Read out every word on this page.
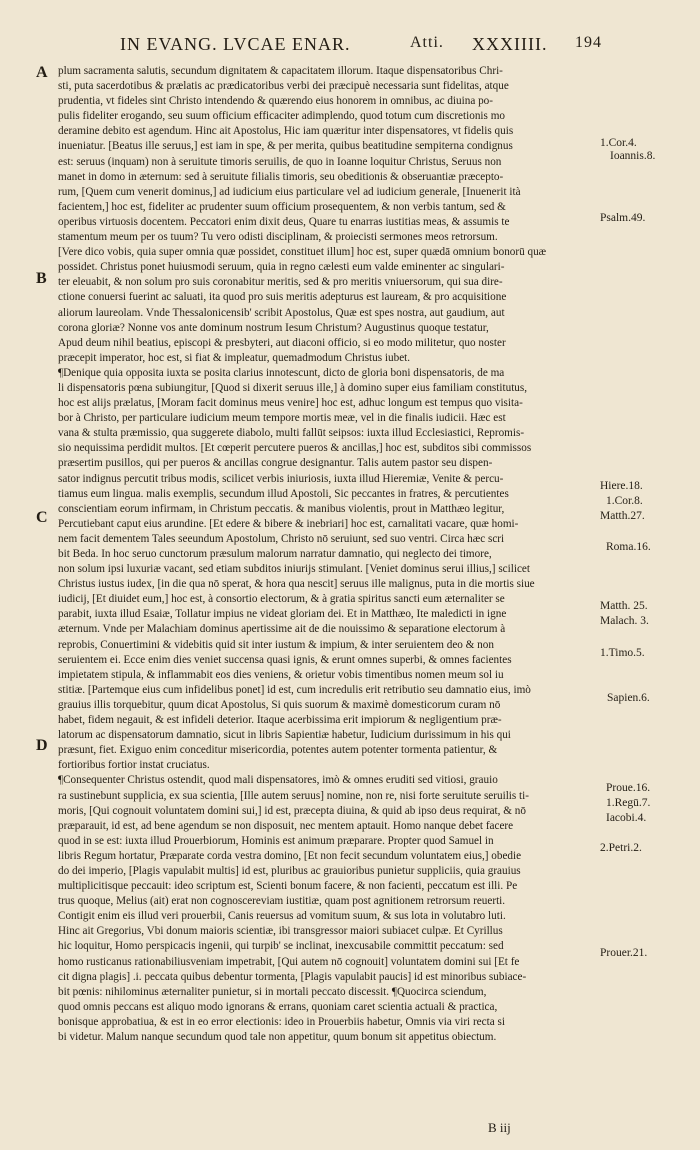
IN EVANG. LVCAE ENAR.	Atti. XXXIIII. 194
A
B
C
D
plum sacramenta salutis, secundum dignitatem & capacitatem illorum. Itaque dispensatoribus Chri-
sti, puta sacerdotibus & prælatis ac prædicatoribus verbi dei præcipuè necessaria sunt fidelitas, atque
prudentia, vt fideles sint Christo intendendo & quærendo eius honorem in omnibus, ac diuina po-
pulis fideliter erogando, seu suum officium efficaciter adimplendo, quod totum cum discretionis mo
deramine debito est agendum. Hinc ait Apostolus, Hic iam quæritur inter dispensatores, vt fidelis quis
inueniatur. [Beatus ille seruus,] est iam in spe, & per merita, quibus beatitudine sempiterna condignus
est: seruus (inquam) non à seruitute timoris seruilis, de quo in Ioanne loquitur Christus, Seruus non
manet in domo in æternum: sed à seruitute filialis timoris, seu obeditionis & obseruantiæ præcepto-
rum, [Quem cum venerit dominus,] ad iudicium eius particulare vel ad iudicium generale, [Inuenerit ità
facientem,] hoc est, fideliter ac prudenter suum officium prosequentem, & non verbis tantum, sed &
operibus virtuosis docentem. Peccatori enim dixit deus, Quare tu enarras iustitias meas, & assumis te
stamentum meum per os tuum? Tu vero odisti disciplinam, & proiecisti sermones meos retrorsum.
[Vere dico vobis, quia super omnia quæ possidet, constituet illum] hoc est, super quædā omnium bonorū quæ
possidet. Christus ponet huiusmodi seruum, quia in regno cælesti eum valde eminenter ac singulari-
ter eleuabit, & non solum pro suis coronabitur meritis, sed & pro meritis vniuersorum, qui sua dire-
ctione conuersi fuerint ac saluati, ita quod pro suis meritis adepturus est lauream, & pro acquisitione
aliorum laureolam. Vnde Thessalonicensib' scribit Apostolus, Quæ est spes nostra, aut gaudium, aut
corona gloriæ? Nonne vos ante dominum nostrum Iesum Christum? Augustinus quoque testatur,
Apud deum nihil beatius, episcopi & presbyteri, aut diaconi officio, si eo modo militetur, quo noster
præcepit imperator, hoc est, si fiat & impleatur, quemadmodum Christus iubet.
¶Denique quia opposita iuxta se posita clarius innotescunt, dicto de gloria boni dispensatoris, de ma
li dispensatoris pœna subiungitur, [Quod si dixerit seruus ille,] à domino super eius familiam constitutus,
hoc est alijs prælatus, [Moram facit dominus meus venire] hoc est, adhuc longum est tempus quo visita-
bor à Christo, per particulare iudicium meum tempore mortis meæ, vel in die finalis iudicii. Hæc est
vana & stulta præmissio, qua suggerete diabolo, multi fallūt seipsos: iuxta illud Ecclesiastici, Repromis-
sio nequissima perdidit multos. [Et cœperit percutere pueros & ancillas,] hoc est, subditos sibi commissos
præsertim pusillos, qui per pueros & ancillas congrue designantur. Talis autem pastor seu dispen-
sator indignus percutit tribus modis, scilicet verbis iniuriosis, iuxta illud Hieremiæ, Venite & percu-
tiamus eum lingua. malis exemplis, secundum illud Apostoli, Sic peccantes in fratres, & percutientes
conscientiam eorum infirmam, in Christum peccatis. & manibus violentis, prout in Matthæo legitur,
Percutiebant caput eius arundine. [Et edere & bibere & inebriari] hoc est, carnalitati vacare, quæ homi-
nem facit dementem Tales seeundum Apostolum, Christo nō seruiunt, sed suo ventri. Circa hæc scri
bit Beda. In hoc seruo cunctorum præsulum malorum narratur damnatio, qui neglecto dei timore,
non solum ipsi luxuriæ vacant, sed etiam subditos iniurijs stimulant. [Veniet dominus serui illius,] scilicet
Christus iustus iudex, [in die qua nō sperat, & hora qua nescit] seruus ille malignus, puta in die mortis siue
iudicij, [Et diuidet eum,] hoc est, à consortio electorum, & à gratia spiritus sancti eum æternaliter se
parabit, iuxta illud Esaiæ, Tollatur impius ne videat gloriam dei. Et in Matthæo, Ite maledicti in igne
æternum. Vnde per Malachiam dominus apertissime ait de die nouissimo & separatione electorum à
reprobis, Conuertimini & videbitis quid sit inter iustum & impium, & inter seruientem deo & non
seruientem ei. Ecce enim dies veniet succensa quasi ignis, & erunt omnes superbi, & omnes facientes
impietatem stipula, & inflammabit eos dies veniens, & orietur vobis timentibus nomen meum sol iu
stitiæ. [Partemque eius cum infidelibus ponet] id est, cum incredulis erit retributio seu damnatio eius, imò
grauius illis torquebitur, quum dicat Apostolus, Si quis suorum & maximè domesticorum curam nō
habet, fidem negauit, & est infideli deterior. Itaque acerbissima erit impiorum & negligentium præ-
latorum ac dispensatorum damnatio, sicut in libris Sapientiæ habetur, Iudicium durissimum in his qui
præsunt, fiet. Exiguo enim conceditur misericordia, potentes autem potenter tormenta patientur, &
fortioribus fortior instat cruciatus.
¶Consequenter Christus ostendit, quod mali dispensatores, imò & omnes eruditi sed vitiosi, grauio
ra sustinebunt supplicia, ex sua scientia, [Ille autem seruus] nomine, non re, nisi forte seruitute seruilis ti-
moris, [Qui cognouit voluntatem domini sui,] id est, præcepta diuina, & quid ab ipso deus requirat, & nō
præparauit, id est, ad bene agendum se non disposuit, nec mentem aptauit. Homo nanque debet facere
quod in se est: iuxta illud Prouerbiorum, Hominis est animum præparare. Propter quod Samuel in
libris Regum hortatur, Præparate corda vestra domino, [Et non fecit secundum voluntatem eius,] obedie
do dei imperio, [Plagis vapulabit multis] id est, pluribus ac grauioribus punietur suppliciis, quia grauius
multiplicitisque peccauit: ideo scriptum est, Scienti bonum facere, & non facienti, peccatum est illi. Pe
trus quoque, Melius (ait) erat non cognoscereviam iustitiæ, quam post agnitionem retrorsum reuerti.
Contigit enim eis illud veri prouerbii, Canis reuersus ad vomitum suum, & sus lota in volutabro luti.
Hinc ait Gregorius, Vbi donum maioris scientiæ, ibi transgressor maiori subiacet culpæ. Et Cyrillus
hic loquitur, Homo perspicacis ingenii, qui turpib' se inclinat, inexcusabile committit peccatum: sed
homo rusticanus rationabiliusveniam impetrabit, [Qui autem nō cognouit] voluntatem domini sui [Et fe
cit digna plagis] .i. peccata quibus debentur tormenta, [Plagis vapulabit paucis] id est minoribus subiace-
bit pœnis: nihilominus æternaliter punietur, si in mortali peccato discessit. ¶Quocirca sciendum,
quod omnis peccans est aliquo modo ignorans & errans, quoniam caret scientia actuali & practica,
bonisque approbatiua, & est in eo error electionis: ideo in Prouerbiis habetur, Omnis via viri recta si
bi videtur. Malum nanque secundum quod tale non appetitur, quum bonum sit appetitus obiectum.
1.Cor.4.
Ioannis.8.
Psalm.49.
Hiere.18.
1.Cor.8.
Matth.27.
Roma.16.
Matth. 25.
Malach. 3.
1.Timo.5.
Sapien.6.
Proue.16.
1.Regū.7.
Iacobi.4.
2.Petri.2.
Prouer.21.
B iij
